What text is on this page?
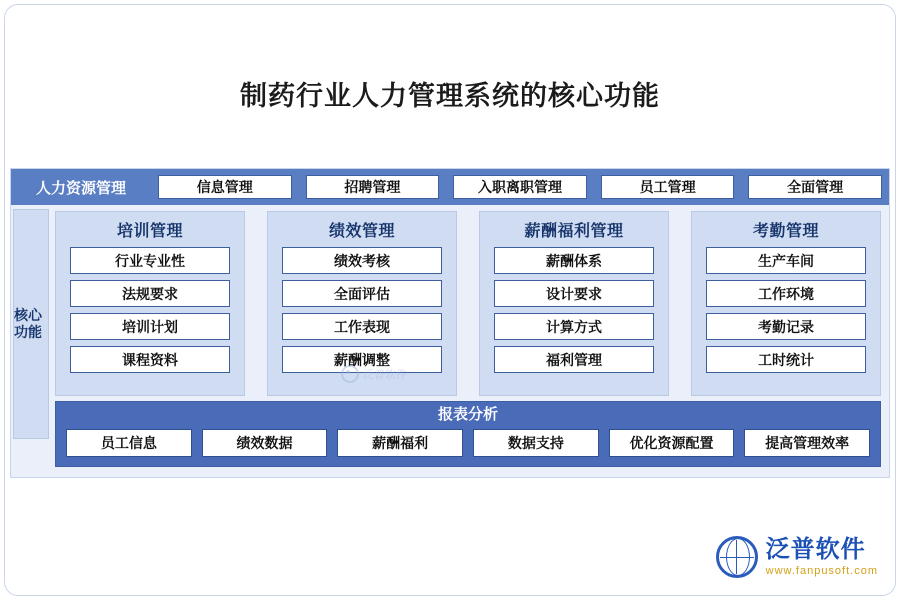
制药行业人力管理系统的核心功能
人力资源管理	信息管理	招聘管理	入职离职管理	员工管理	全面管理
核心功能
培训管理
行业专业性
法规要求
培训计划
课程资料
绩效管理
绩效考核
全面评估
工作表现
薪酬调整
薪酬福利管理
薪酬体系
设计要求
计算方式
福利管理
考勤管理
生产车间
工作环境
考勤记录
工时统计
泛普软件
报表分析
员工信息	绩效数据	薪酬福利	数据支持	优化资源配置	提高管理效率
泛普软件
www.fanpusoft.com
